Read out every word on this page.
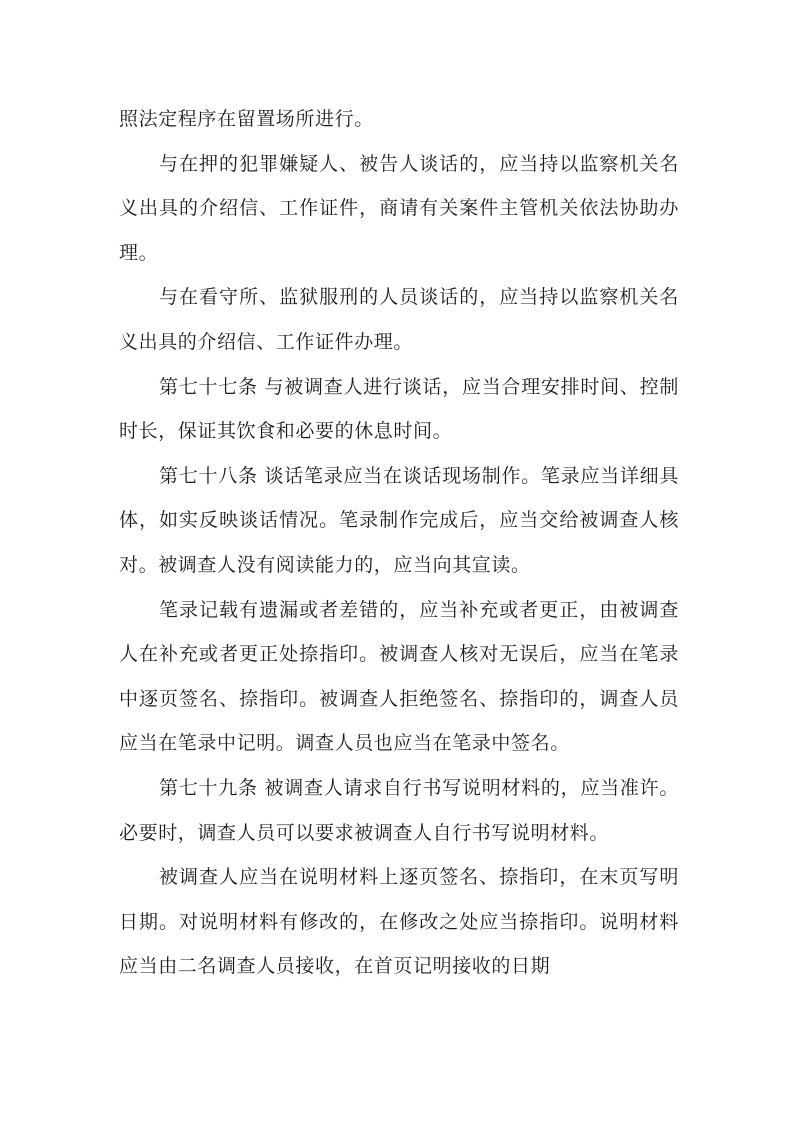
照法定程序在留置场所进行。

与在押的犯罪嫌疑人、被告人谈话的，应当持以监察机关名义出具的介绍信、工作证件，商请有关案件主管机关依法协助办理。

与在看守所、监狱服刑的人员谈话的，应当持以监察机关名义出具的介绍信、工作证件办理。

第七十七条 与被调查人进行谈话，应当合理安排时间、控制时长，保证其饮食和必要的休息时间。

第七十八条 谈话笔录应当在谈话现场制作。笔录应当详细具体，如实反映谈话情况。笔录制作完成后，应当交给被调查人核对。被调查人没有阅读能力的，应当向其宣读。

笔录记载有遗漏或者差错的，应当补充或者更正，由被调查人在补充或者更正处捺指印。被调查人核对无误后，应当在笔录中逐页签名、捺指印。被调查人拒绝签名、捺指印的，调查人员应当在笔录中记明。调查人员也应当在笔录中签名。

第七十九条 被调查人请求自行书写说明材料的，应当准许。必要时，调查人员可以要求被调查人自行书写说明材料。

被调查人应当在说明材料上逐页签名、捺指印，在末页写明日期。对说明材料有修改的，在修改之处应当捺指印。说明材料应当由二名调查人员接收，在首页记明接收的日期
